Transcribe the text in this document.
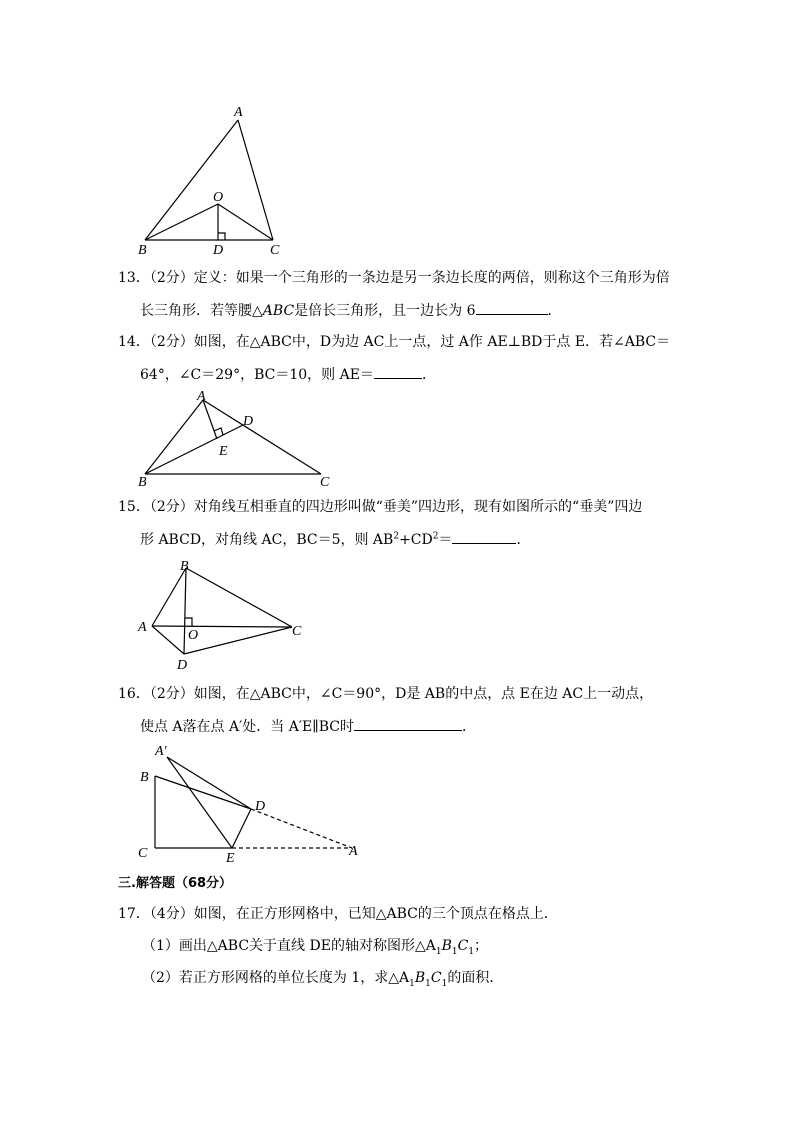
A
O
B	D	C
13．（2分）定义：如果一个三角形的一条边是另一条边长度的两倍，则称这个三角形为倍
长三角形．若等腰△ABC是倍长三角形，且一边长为 6	．
14．（2分）如图，在△ABC中，D为边 AC上一点，过 A作 AE⊥BD于点 E．若∠ABC＝
64°，∠C＝29°，BC＝10，则 AE＝	．
A
D
E
B	C
15．（2分）对角线互相垂直的四边形叫做“垂美”四边形，现有如图所示的“垂美”四边
形 ABCD，对角线 AC，BC＝5，则 $AB^2+CD^2=$	．
B
A
O	C
D
16．（2分）如图，在△ABC中，∠C＝90°，D是 AB的中点，点 E在边 AC上一动点，
使点 A落在点 A′处．当 A′E∥BC时	．
A′
B
D
C	E	A
三.解答题（68分）
17．（4分）如图，在正方形网格中，已知△ABC的三个顶点在格点上．
（1）画出△ABC关于直线 DE的轴对称图形$\triangle A_1B_1C_1$；
（2）若正方形网格的单位长度为 1，求$\triangle A_1B_1C_1$的面积．
